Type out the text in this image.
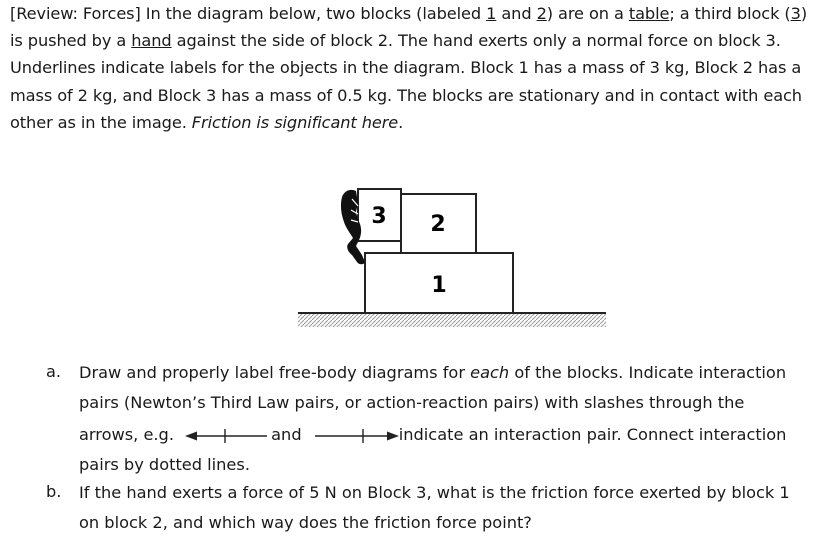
[Review: Forces] In the diagram below, two blocks (labeled 1 and 2) are on a table; a third block (3) is pushed by a hand against the side of block 2. The hand exerts only a normal force on block 3. Underlines indicate labels for the objects in the diagram. Block 1 has a mass of 3 kg, Block 2 has a mass of 2 kg, and Block 3 has a mass of 0.5 kg. The blocks are stationary and in contact with each other as in the image. Friction is significant here.
1
2
3
a. Draw and properly label free-body diagrams for each of the blocks. Indicate interaction
pairs (Newton’s Third Law pairs, or action-reaction pairs) with slashes through the
arrows, e.g.	and	indicate an interaction pair. Connect interaction
pairs by dotted lines.
b. If the hand exerts a force of 5 N on Block 3, what is the friction force exerted by block 1
on block 2, and which way does the friction force point?
